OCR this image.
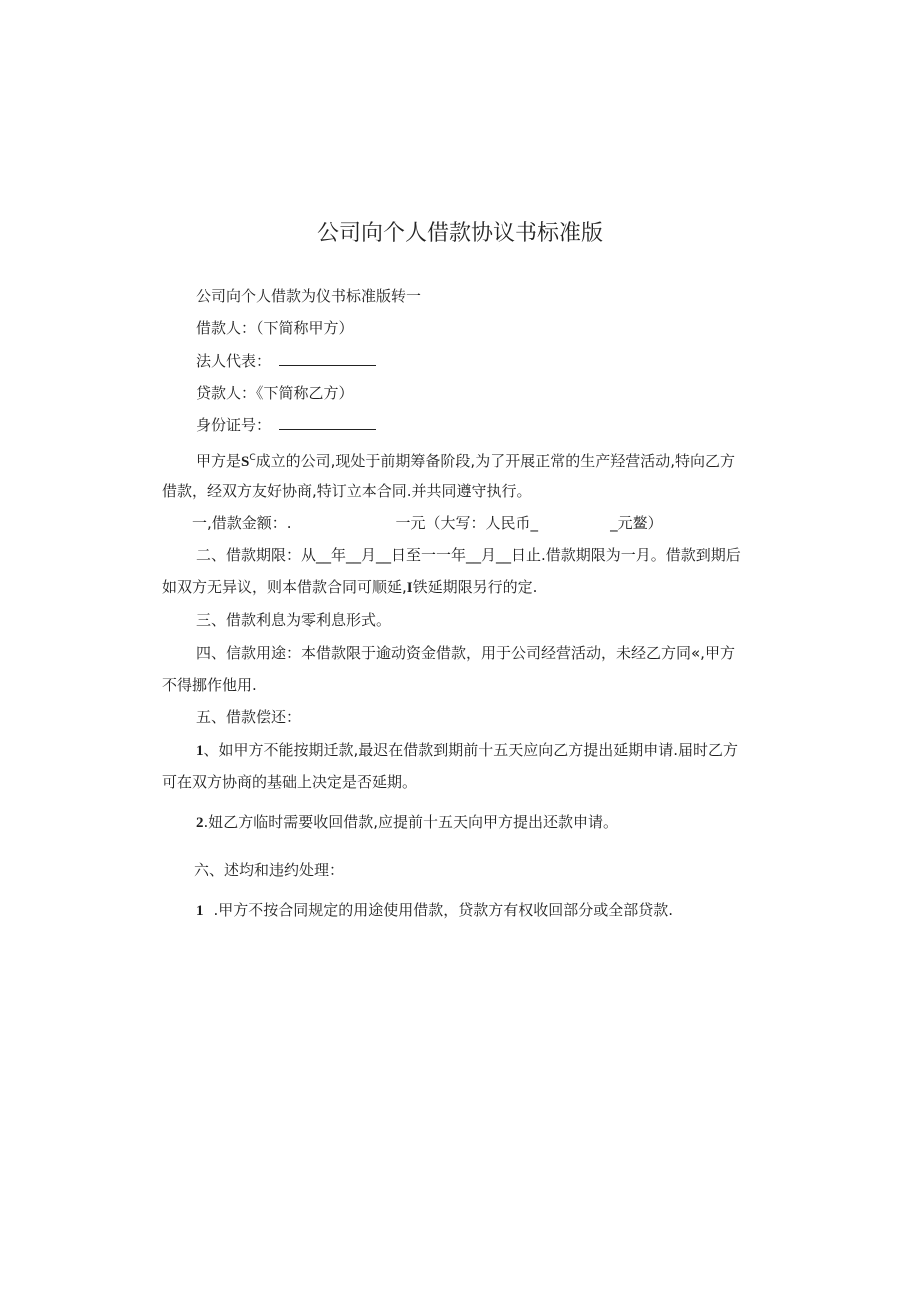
公司向个人借款协议书标准版
公司向个人借款为仪书标准版转一
借款人：（下简称甲方）
法人代表：
贷款人：《下简称乙方）
身份证号：
甲方是$S^C$成立的公司,现处于前期筹备阶段,为了开展正常的生产羟营活动,特向乙方
借款，经双方友好协商,特订立本合同.并共同遵守执行。
一,借款金额：.	一元（大写：人民币_	_元鳌）
二、借款期限：从__年__月__日至一一年__月__日止.借款期限为一月。借款到期后
如双方无异议，则本借款合同可顺延,I铁延期限另行的定.
三、借款利息为零利息形式。
四、信款用途：本借款限于逾动资金借款，用于公司经营活动，未经乙方同«,甲方
不得挪作他用.
五、借款偿还：
1、如甲方不能按期迁款,最迟在借款到期前十五天应向乙方提出延期申请.届时乙方
可在双方协商的基础上决定是否延期。
2.妞乙方临时需要收回借款,应提前十五天向甲方提出还款申请。
六、述均和违约处理：
1 .甲方不按合同规定的用途使用借款，贷款方有权收回部分或全部贷款.
